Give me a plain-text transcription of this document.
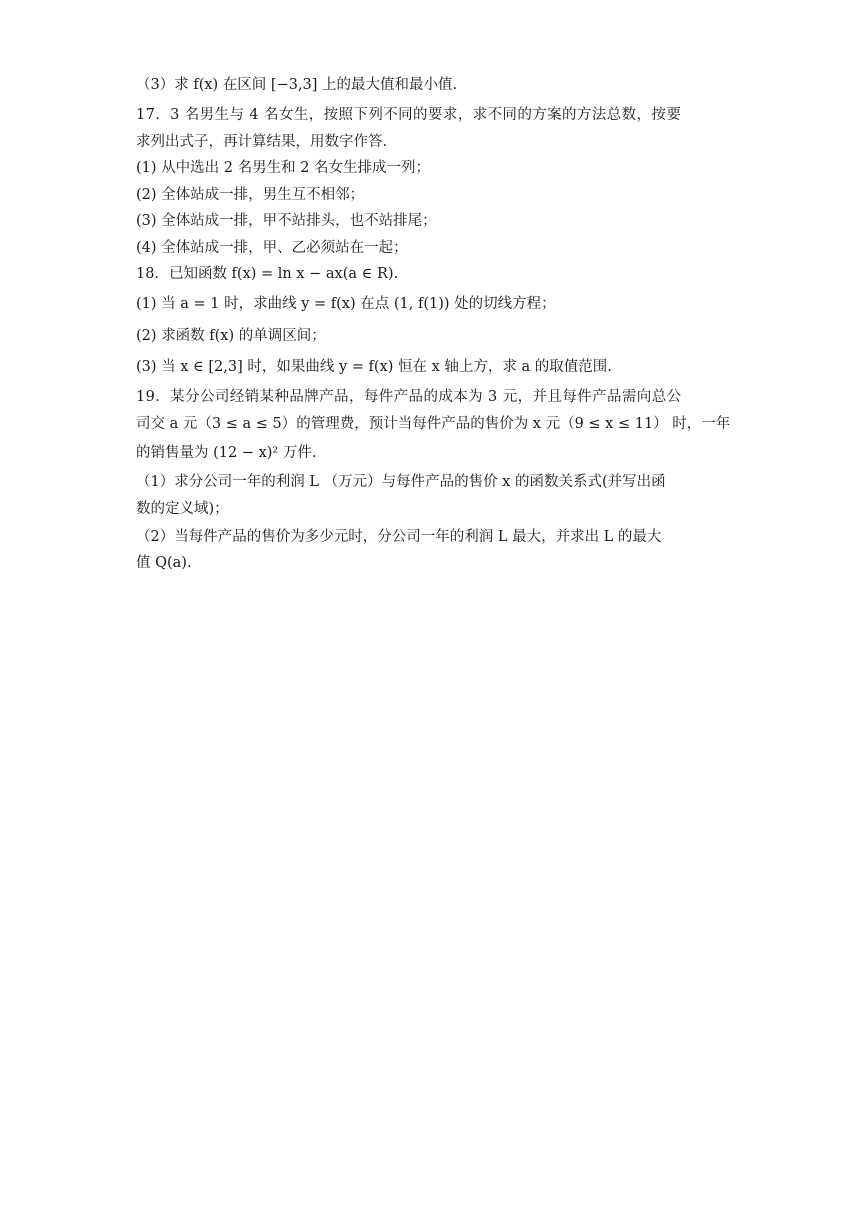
（3）求 f(x) 在区间 [−3,3] 上的最大值和最小值.
17．3 名男生与 4 名女生，按照下列不同的要求，求不同的方案的方法总数，按要
求列出式子，再计算结果，用数字作答.
(1) 从中选出 2 名男生和 2 名女生排成一列；
(2) 全体站成一排，男生互不相邻；
(3) 全体站成一排，甲不站排头，也不站排尾；
(4) 全体站成一排，甲、乙必须站在一起；
18．已知函数 f(x) = ln x − ax(a ∈ R).
(1) 当 a = 1 时，求曲线 y = f(x) 在点 (1, f(1)) 处的切线方程；
(2) 求函数 f(x) 的单调区间；
(3) 当 x ∈ [2,3] 时，如果曲线 y = f(x) 恒在 x 轴上方，求 a 的取值范围.
19．某分公司经销某种品牌产品，每件产品的成本为 3 元，并且每件产品需向总公
司交 a 元（3 ≤ a ≤ 5）的管理费，预计当每件产品的售价为 x 元（9 ≤ x ≤ 11） 时，一年
的销售量为 (12 − x)² 万件.
（1）求分公司一年的利润 L （万元）与每件产品的售价 x 的函数关系式(并写出函
数的定义域)；
（2）当每件产品的售价为多少元时，分公司一年的利润 L 最大，并求出 L 的最大
值 Q(a).
